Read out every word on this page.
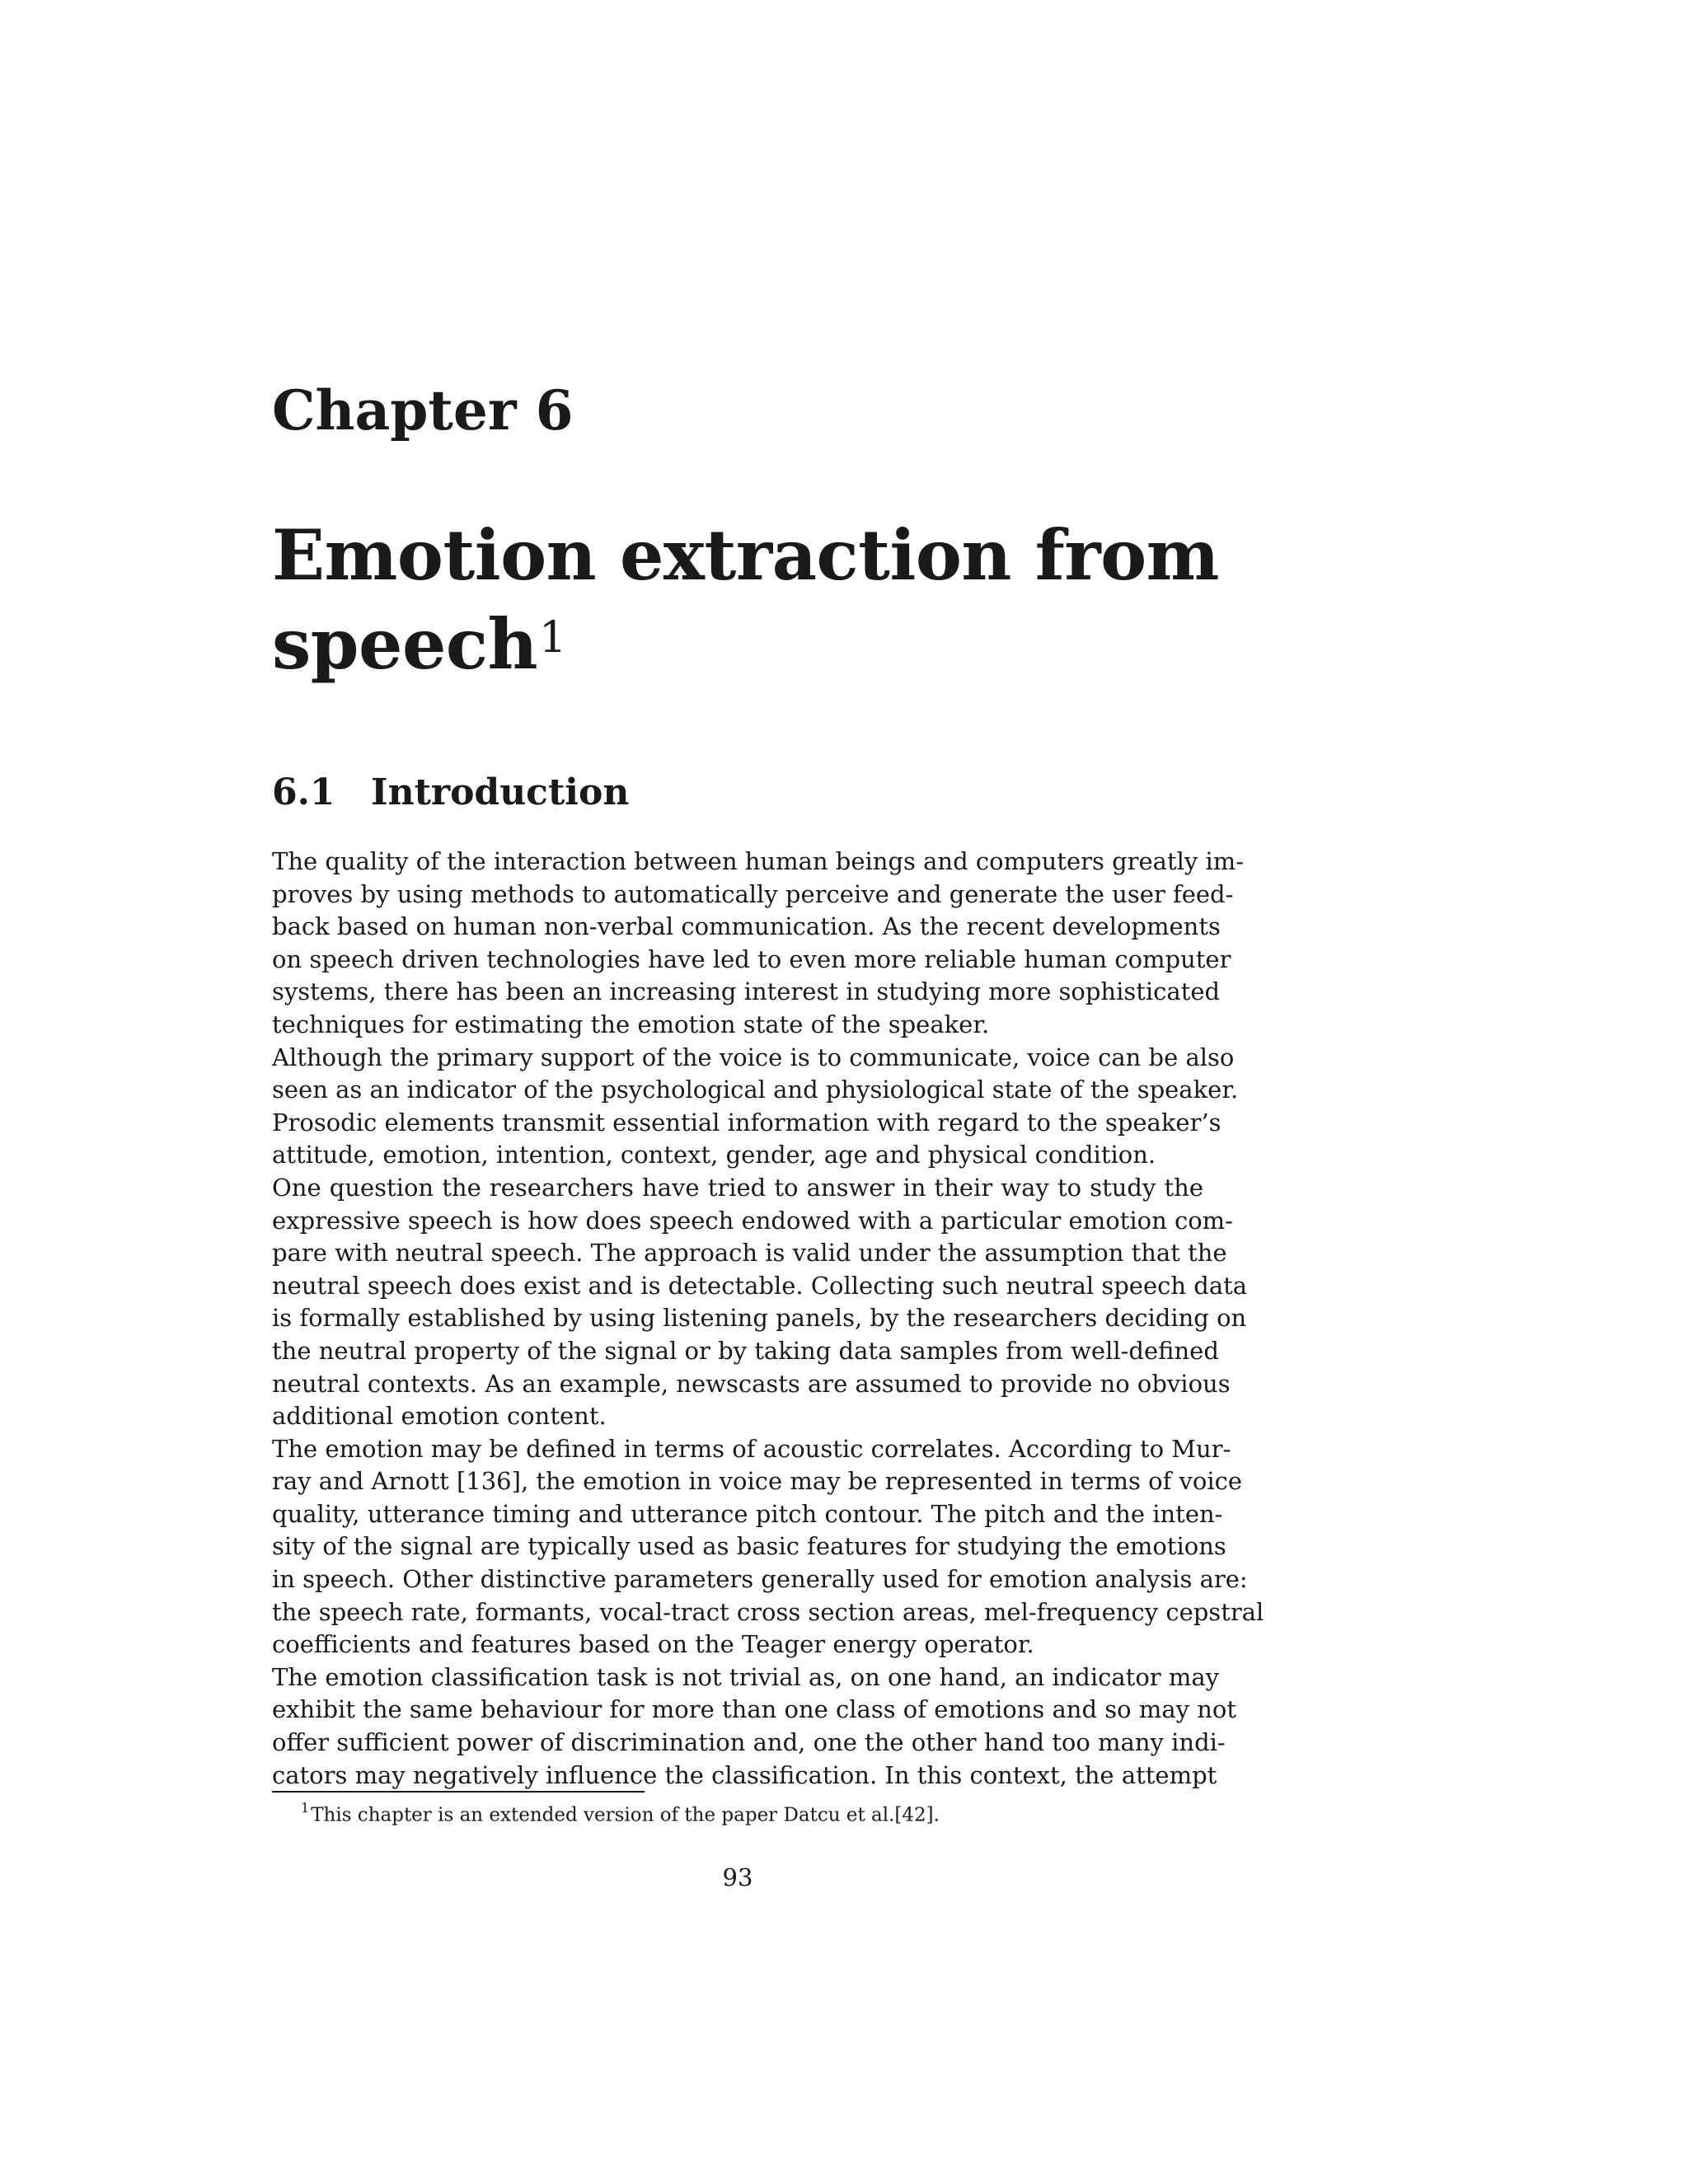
Chapter 6
Emotion extraction from
speech$^1$
6.1 Introduction
The quality of the interaction between human beings and computers greatly im-
proves by using methods to automatically perceive and generate the user feed-
back based on human non-verbal communication. As the recent developments
on speech driven technologies have led to even more reliable human computer
systems, there has been an increasing interest in studying more sophisticated
techniques for estimating the emotion state of the speaker.
Although the primary support of the voice is to communicate, voice can be also
seen as an indicator of the psychological and physiological state of the speaker.
Prosodic elements transmit essential information with regard to the speaker’s
attitude, emotion, intention, context, gender, age and physical condition.
One question the researchers have tried to answer in their way to study the
expressive speech is how does speech endowed with a particular emotion com-
pare with neutral speech. The approach is valid under the assumption that the
neutral speech does exist and is detectable. Collecting such neutral speech data
is formally established by using listening panels, by the researchers deciding on
the neutral property of the signal or by taking data samples from well-defined
neutral contexts. As an example, newscasts are assumed to provide no obvious
additional emotion content.
The emotion may be defined in terms of acoustic correlates. According to Mur-
ray and Arnott [136], the emotion in voice may be represented in terms of voice
quality, utterance timing and utterance pitch contour. The pitch and the inten-
sity of the signal are typically used as basic features for studying the emotions
in speech. Other distinctive parameters generally used for emotion analysis are:
the speech rate, formants, vocal-tract cross section areas, mel-frequency cepstral
coefficients and features based on the Teager energy operator.
The emotion classification task is not trivial as, on one hand, an indicator may
exhibit the same behaviour for more than one class of emotions and so may not
offer sufficient power of discrimination and, one the other hand too many indi-
cators may negatively influence the classification. In this context, the attempt
$^1$This chapter is an extended version of the paper Datcu et al.[42].
93
